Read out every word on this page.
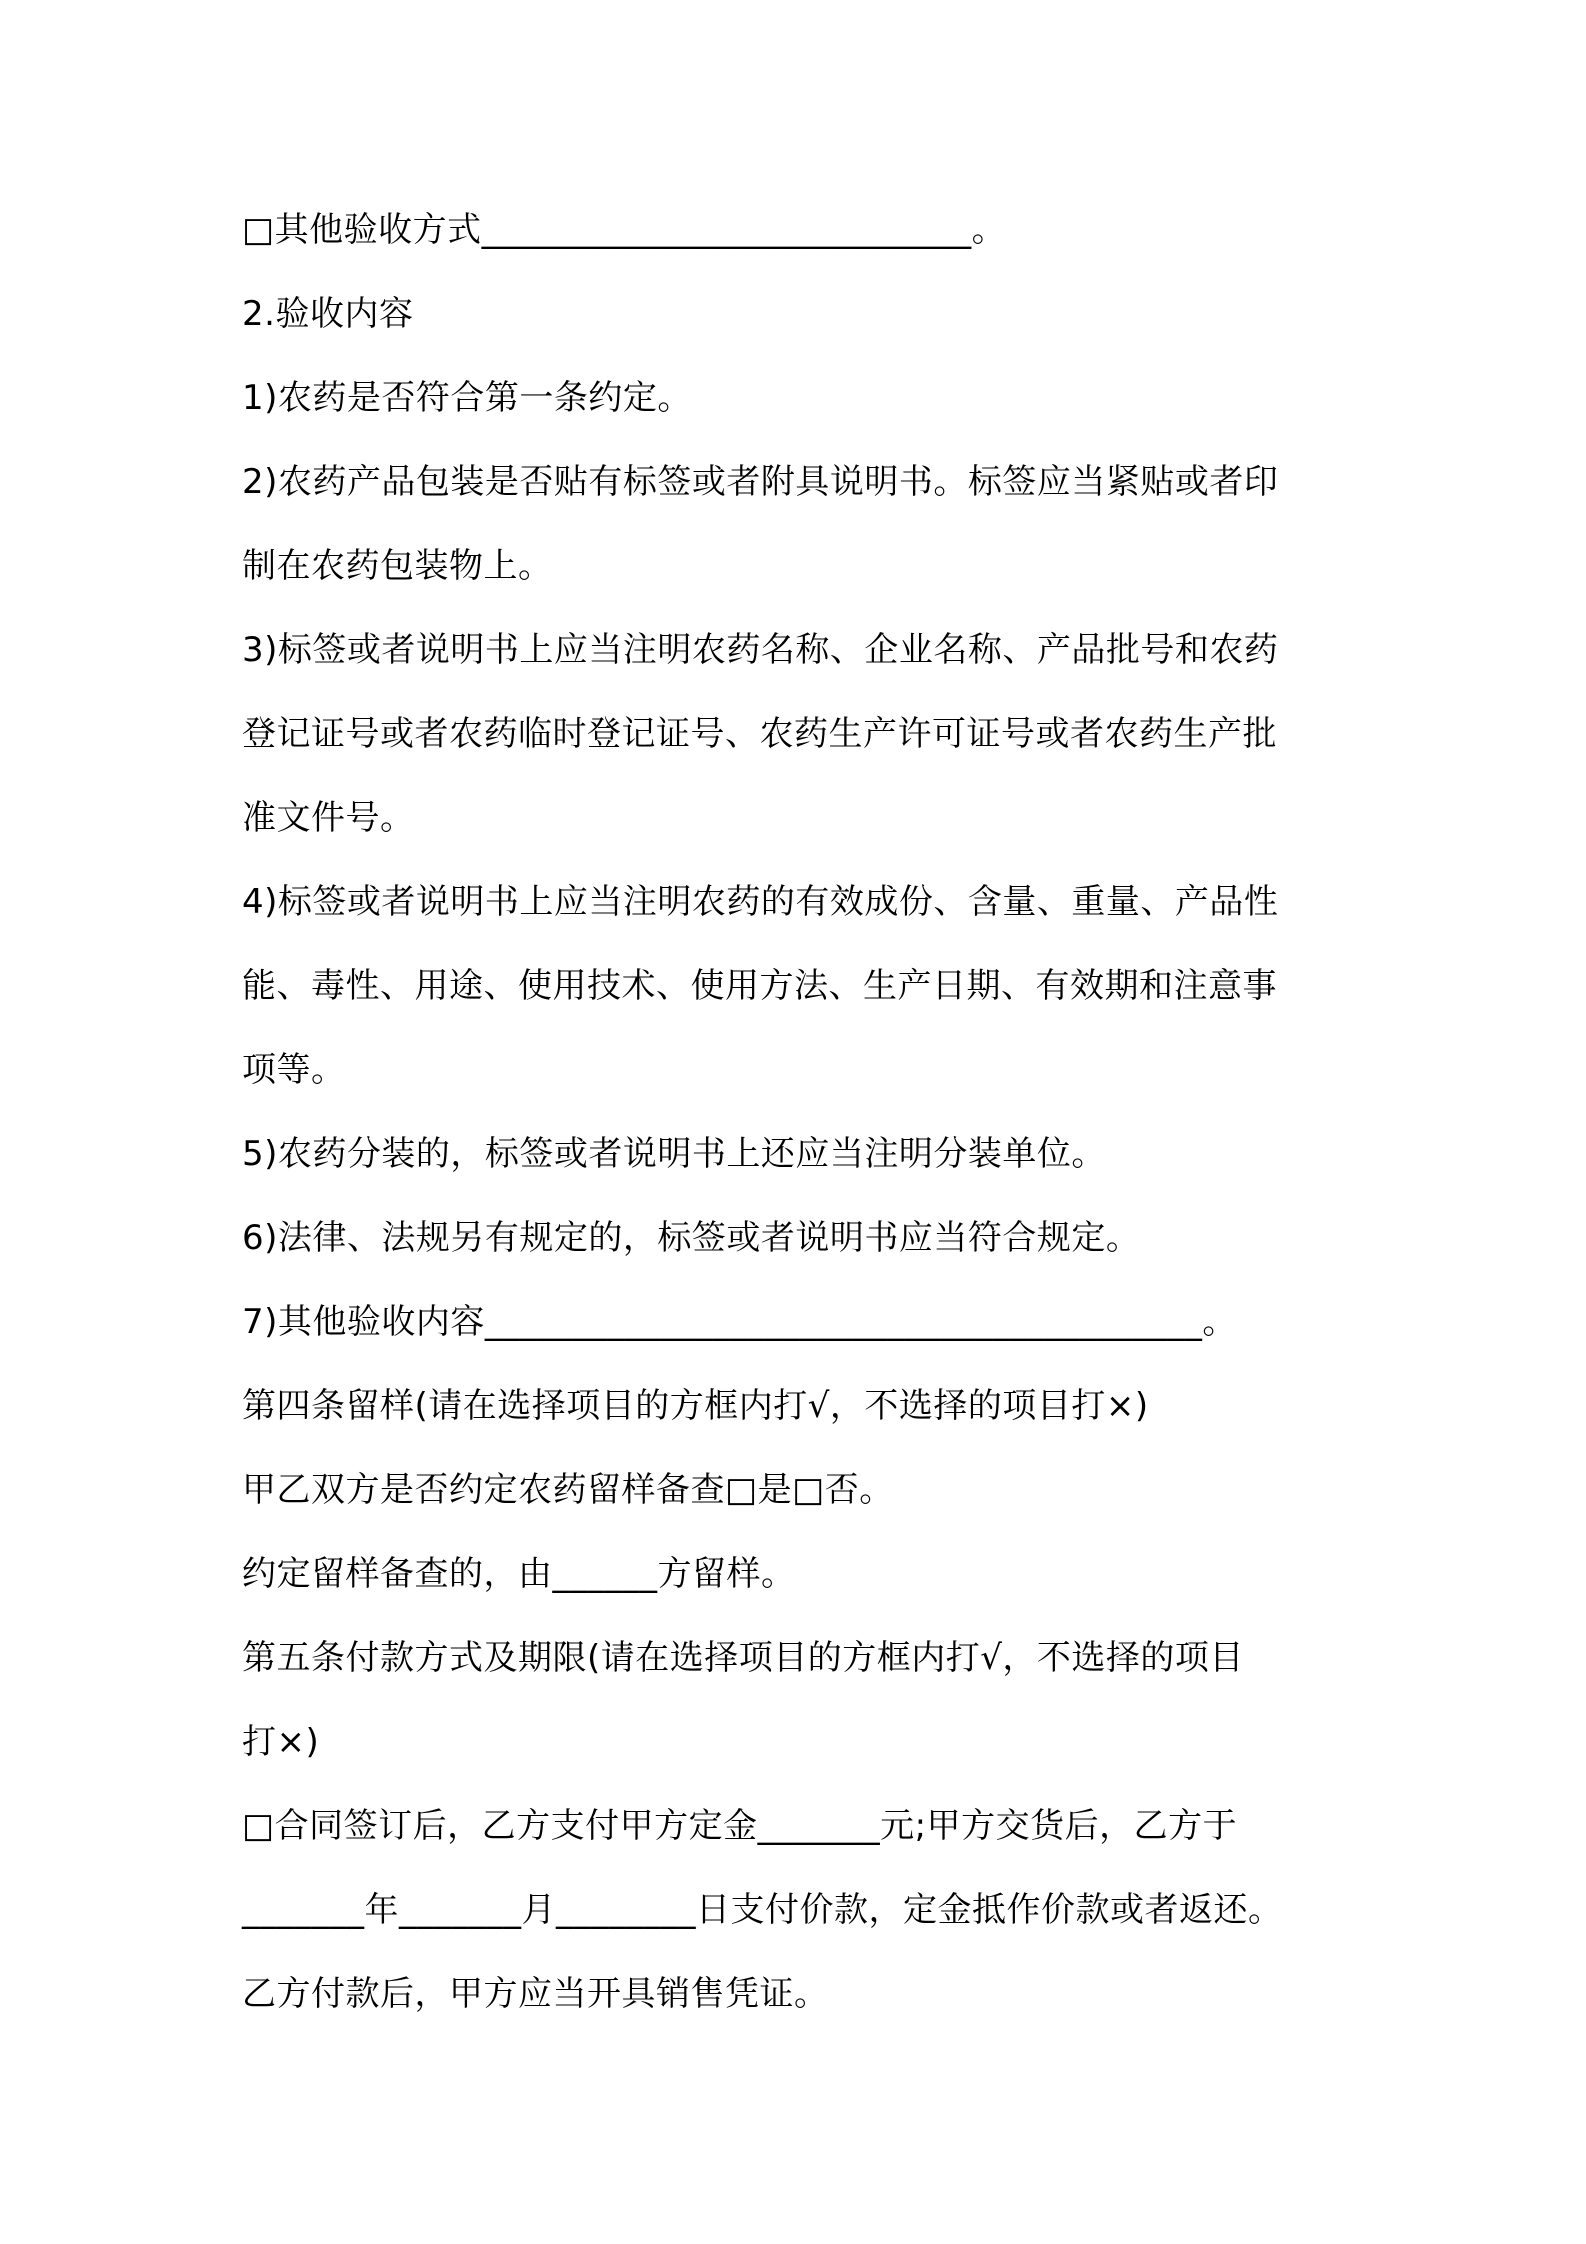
□其他验收方式____________________________。
2.验收内容
1)农药是否符合第一条约定。
2)农药产品包装是否贴有标签或者附具说明书。标签应当紧贴或者印
制在农药包装物上。
3)标签或者说明书上应当注明农药名称、企业名称、产品批号和农药
登记证号或者农药临时登记证号、农药生产许可证号或者农药生产批
准文件号。
4)标签或者说明书上应当注明农药的有效成份、含量、重量、产品性
能、毒性、用途、使用技术、使用方法、生产日期、有效期和注意事
项等。
5)农药分装的，标签或者说明书上还应当注明分装单位。
6)法律、法规另有规定的，标签或者说明书应当符合规定。
7)其他验收内容_________________________________________。
第四条留样(请在选择项目的方框内打√，不选择的项目打×)
甲乙双方是否约定农药留样备查□是□否。
约定留样备查的，由______方留样。
第五条付款方式及期限(请在选择项目的方框内打√，不选择的项目
打×)
□合同签订后，乙方支付甲方定金_______元;甲方交货后，乙方于
_______年_______月________日支付价款，定金抵作价款或者返还。
乙方付款后，甲方应当开具销售凭证。
